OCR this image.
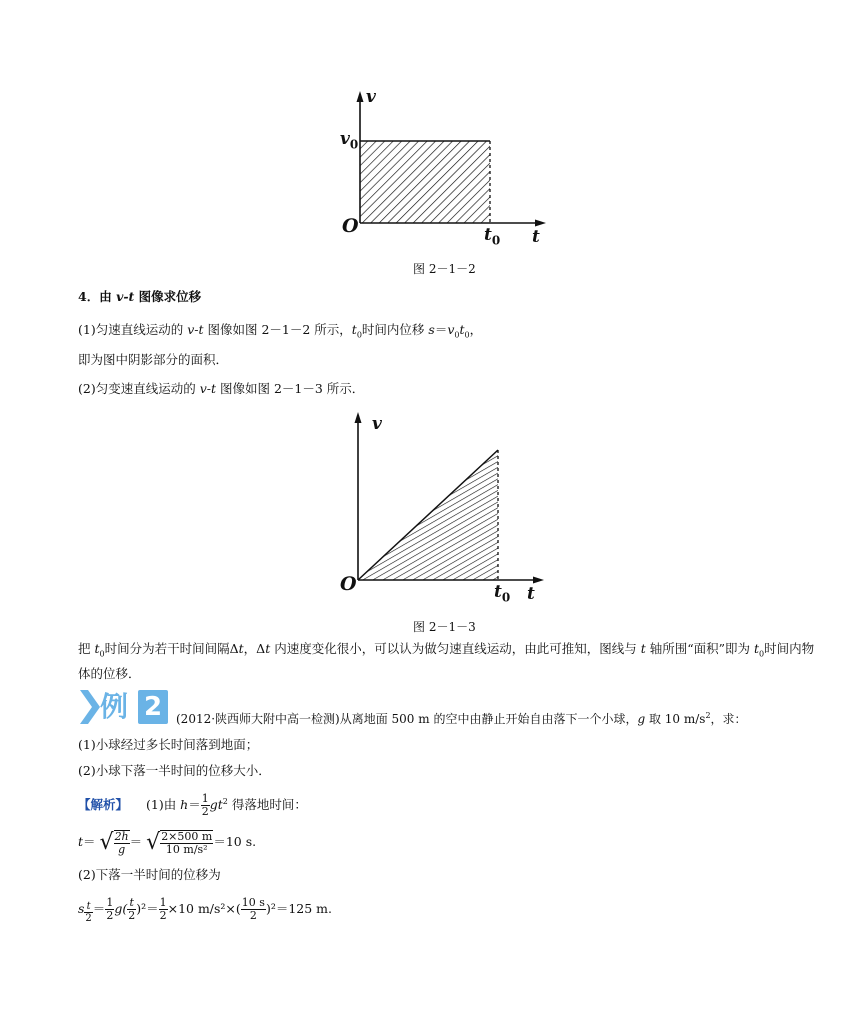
v
$v_0$
O	$t_0$ t
图 2－1－2
4．由 v-t 图像求位移
(1)匀速直线运动的 v-t 图像如图 2－1－2 所示，$t_0$时间内位移 $s=v_0t_0$，
即为图中阴影部分的面积．
(2)匀变速直线运动的 v-t 图像如图 2－1－3 所示．
v
O	$t_0$ t
图 2－1－3
把 $t_0$时间分为若干时间间隔Δt，Δt 内速度变化很小，可以认为做匀速直线运动，由此可推知，图线与 t 轴所围“面积”即为 $t_0$时间内物
体的位移．
例 2	(2012·陕西师大附中高一检测)从离地面 500 m 的空中由静止开始自由落下一个小球，g 取 10 $m/s^2$，求：
(1)小球经过多长时间落到地面；
(2)小球下落一半时间的位移大小．
【解析】 (1)由 $h= \frac{1}{2} gt^2$ 得落地时间：
t＝ √ $\frac{2h}{g}$ ＝ √ $\frac{2\times 500 m}{\text{10 m/s²}} =10$ s.
(2)下落一半时间的位移为
s $\frac{t}{2} = \frac{1}{2} g( \frac{t}{2} )^2= \frac{1}{2} \times 10$ $m/s^2\times( \frac{10 s}{2} )^2=125$ m.
